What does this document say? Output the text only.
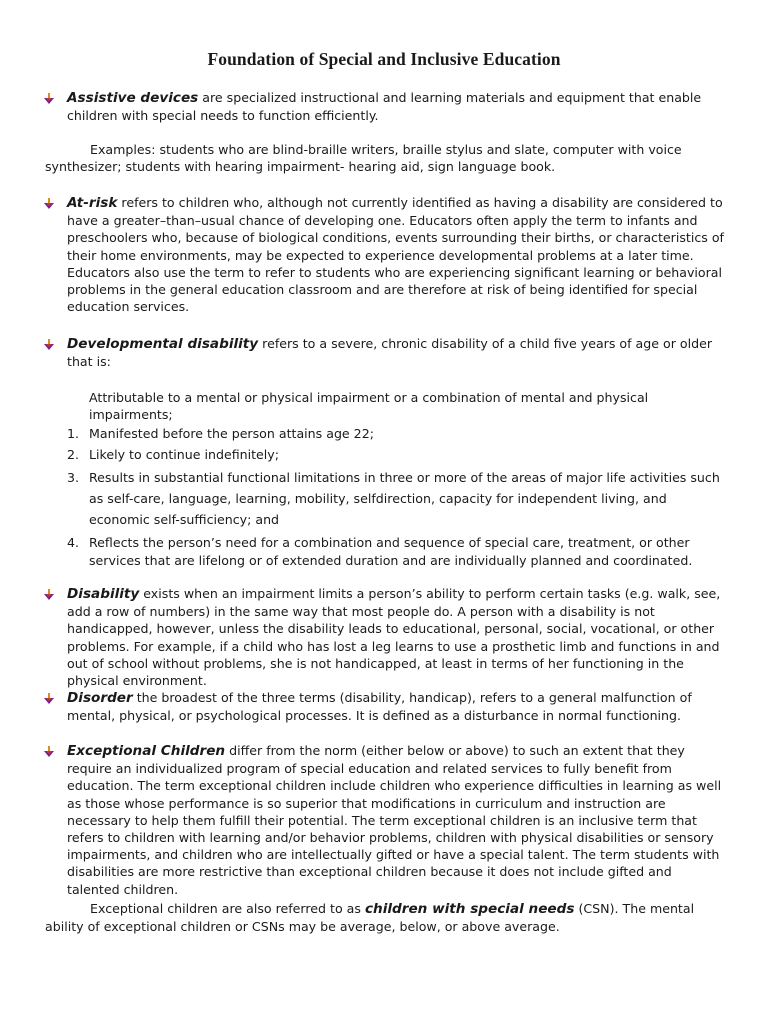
Foundation of Special and Inclusive Education

Assistive devices are specialized instructional and learning materials and equipment that enable children with special needs to function efficiently.

Examples: students who are blind-braille writers, braille stylus and slate, computer with voice synthesizer; students with hearing impairment- hearing aid, sign language book.

At-risk refers to children who, although not currently identified as having a disability are considered to have a greater–than–usual chance of developing one. Educators often apply the term to infants and preschoolers who, because of biological conditions, events surrounding their births, or characteristics of their home environments, may be expected to experience developmental problems at a later time. Educators also use the term to refer to students who are experiencing significant learning or behavioral problems in the general education classroom and are therefore at risk of being identified for special education services.

Developmental disability refers to a severe, chronic disability of a child five years of age or older that is:

Attributable to a mental or physical impairment or a combination of mental and physical impairments;

1. Manifested before the person attains age 22;
2. Likely to continue indefinitely;
3. Results in substantial functional limitations in three or more of the areas of major life activities such as self-care, language, learning, mobility, selfdirection, capacity for independent living, and economic self-sufficiency; and
4. Reflects the person’s need for a combination and sequence of special care, treatment, or other services that are lifelong or of extended duration and are individually planned and coordinated.

Disability exists when an impairment limits a person’s ability to perform certain tasks (e.g. walk, see, add a row of numbers) in the same way that most people do. A person with a disability is not handicapped, however, unless the disability leads to educational, personal, social, vocational, or other problems. For example, if a child who has lost a leg learns to use a prosthetic limb and functions in and out of school without problems, she is not handicapped, at least in terms of her functioning in the physical environment.

Disorder the broadest of the three terms (disability, handicap), refers to a general malfunction of mental, physical, or psychological processes. It is defined as a disturbance in normal functioning.

Exceptional Children differ from the norm (either below or above) to such an extent that they require an individualized program of special education and related services to fully benefit from education. The term exceptional children include children who experience difficulties in learning as well as those whose performance is so superior that modifications in curriculum and instruction are necessary to help them fulfill their potential. The term exceptional children is an inclusive term that refers to children with learning and/or behavior problems, children with physical disabilities or sensory impairments, and children who are intellectually gifted or have a special talent. The term students with disabilities are more restrictive than exceptional children because it does not include gifted and talented children.

Exceptional children are also referred to as children with special needs (CSN). The mental ability of exceptional children or CSNs may be average, below, or above average.
